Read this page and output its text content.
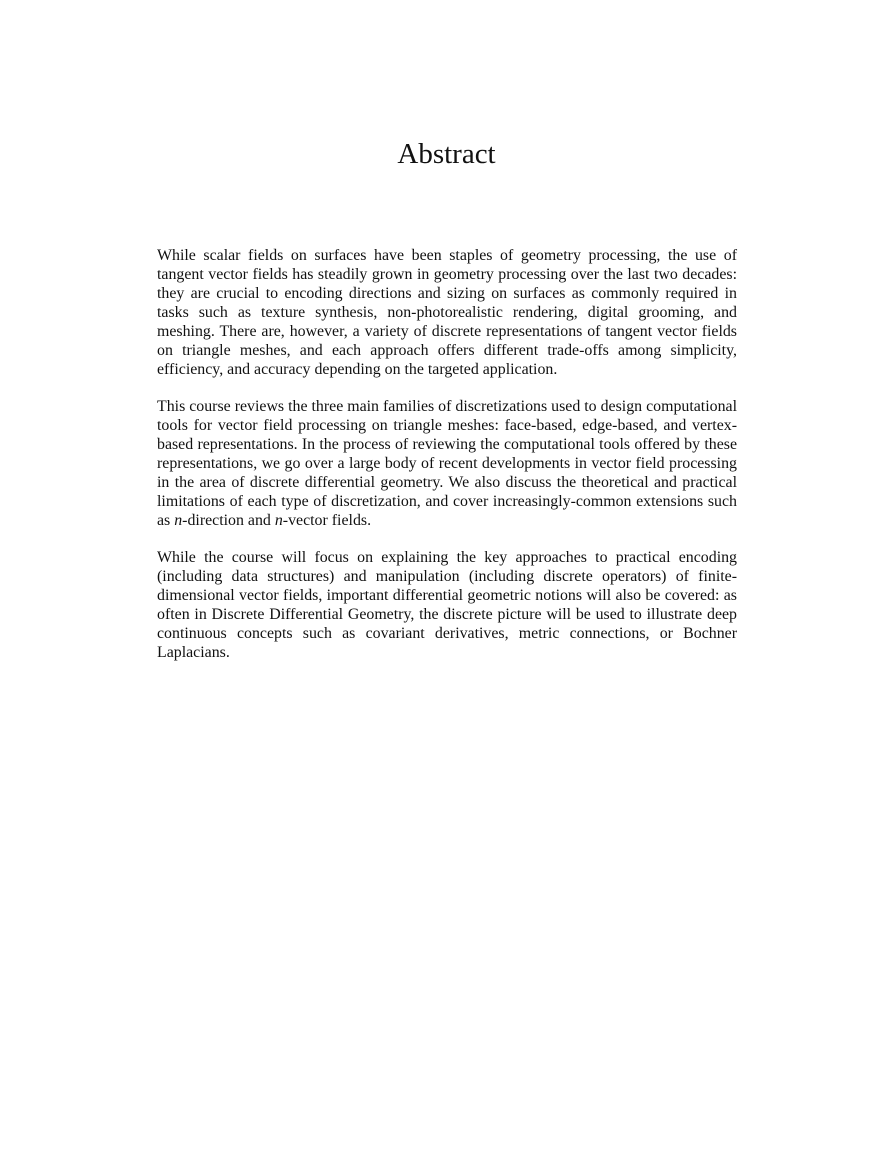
Abstract

While scalar fields on surfaces have been staples of geometry processing, the use of tangent vector fields has steadily grown in geometry processing over the last two decades: they are crucial to encoding directions and sizing on surfaces as commonly required in tasks such as texture synthesis, non-photorealistic rendering, digital grooming, and meshing. There are, however, a variety of discrete representations of tangent vector fields on triangle meshes, and each approach offers different trade-offs among simplicity, efficiency, and accuracy depending on the targeted application.

This course reviews the three main families of discretizations used to design computational tools for vector field processing on triangle meshes: face-based, edge-based, and vertex-based representations. In the process of reviewing the computational tools offered by these representations, we go over a large body of recent developments in vector field processing in the area of discrete differential geometry. We also discuss the theoretical and practical limitations of each type of discretization, and cover increasingly-common extensions such as n-direction and n-vector fields.

While the course will focus on explaining the key approaches to practical encoding (including data structures) and manipulation (including discrete operators) of finite-dimensional vector fields, important differential geometric notions will also be covered: as often in Discrete Differential Geometry, the discrete picture will be used to illustrate deep continuous concepts such as covariant derivatives, metric connections, or Bochner Laplacians.
